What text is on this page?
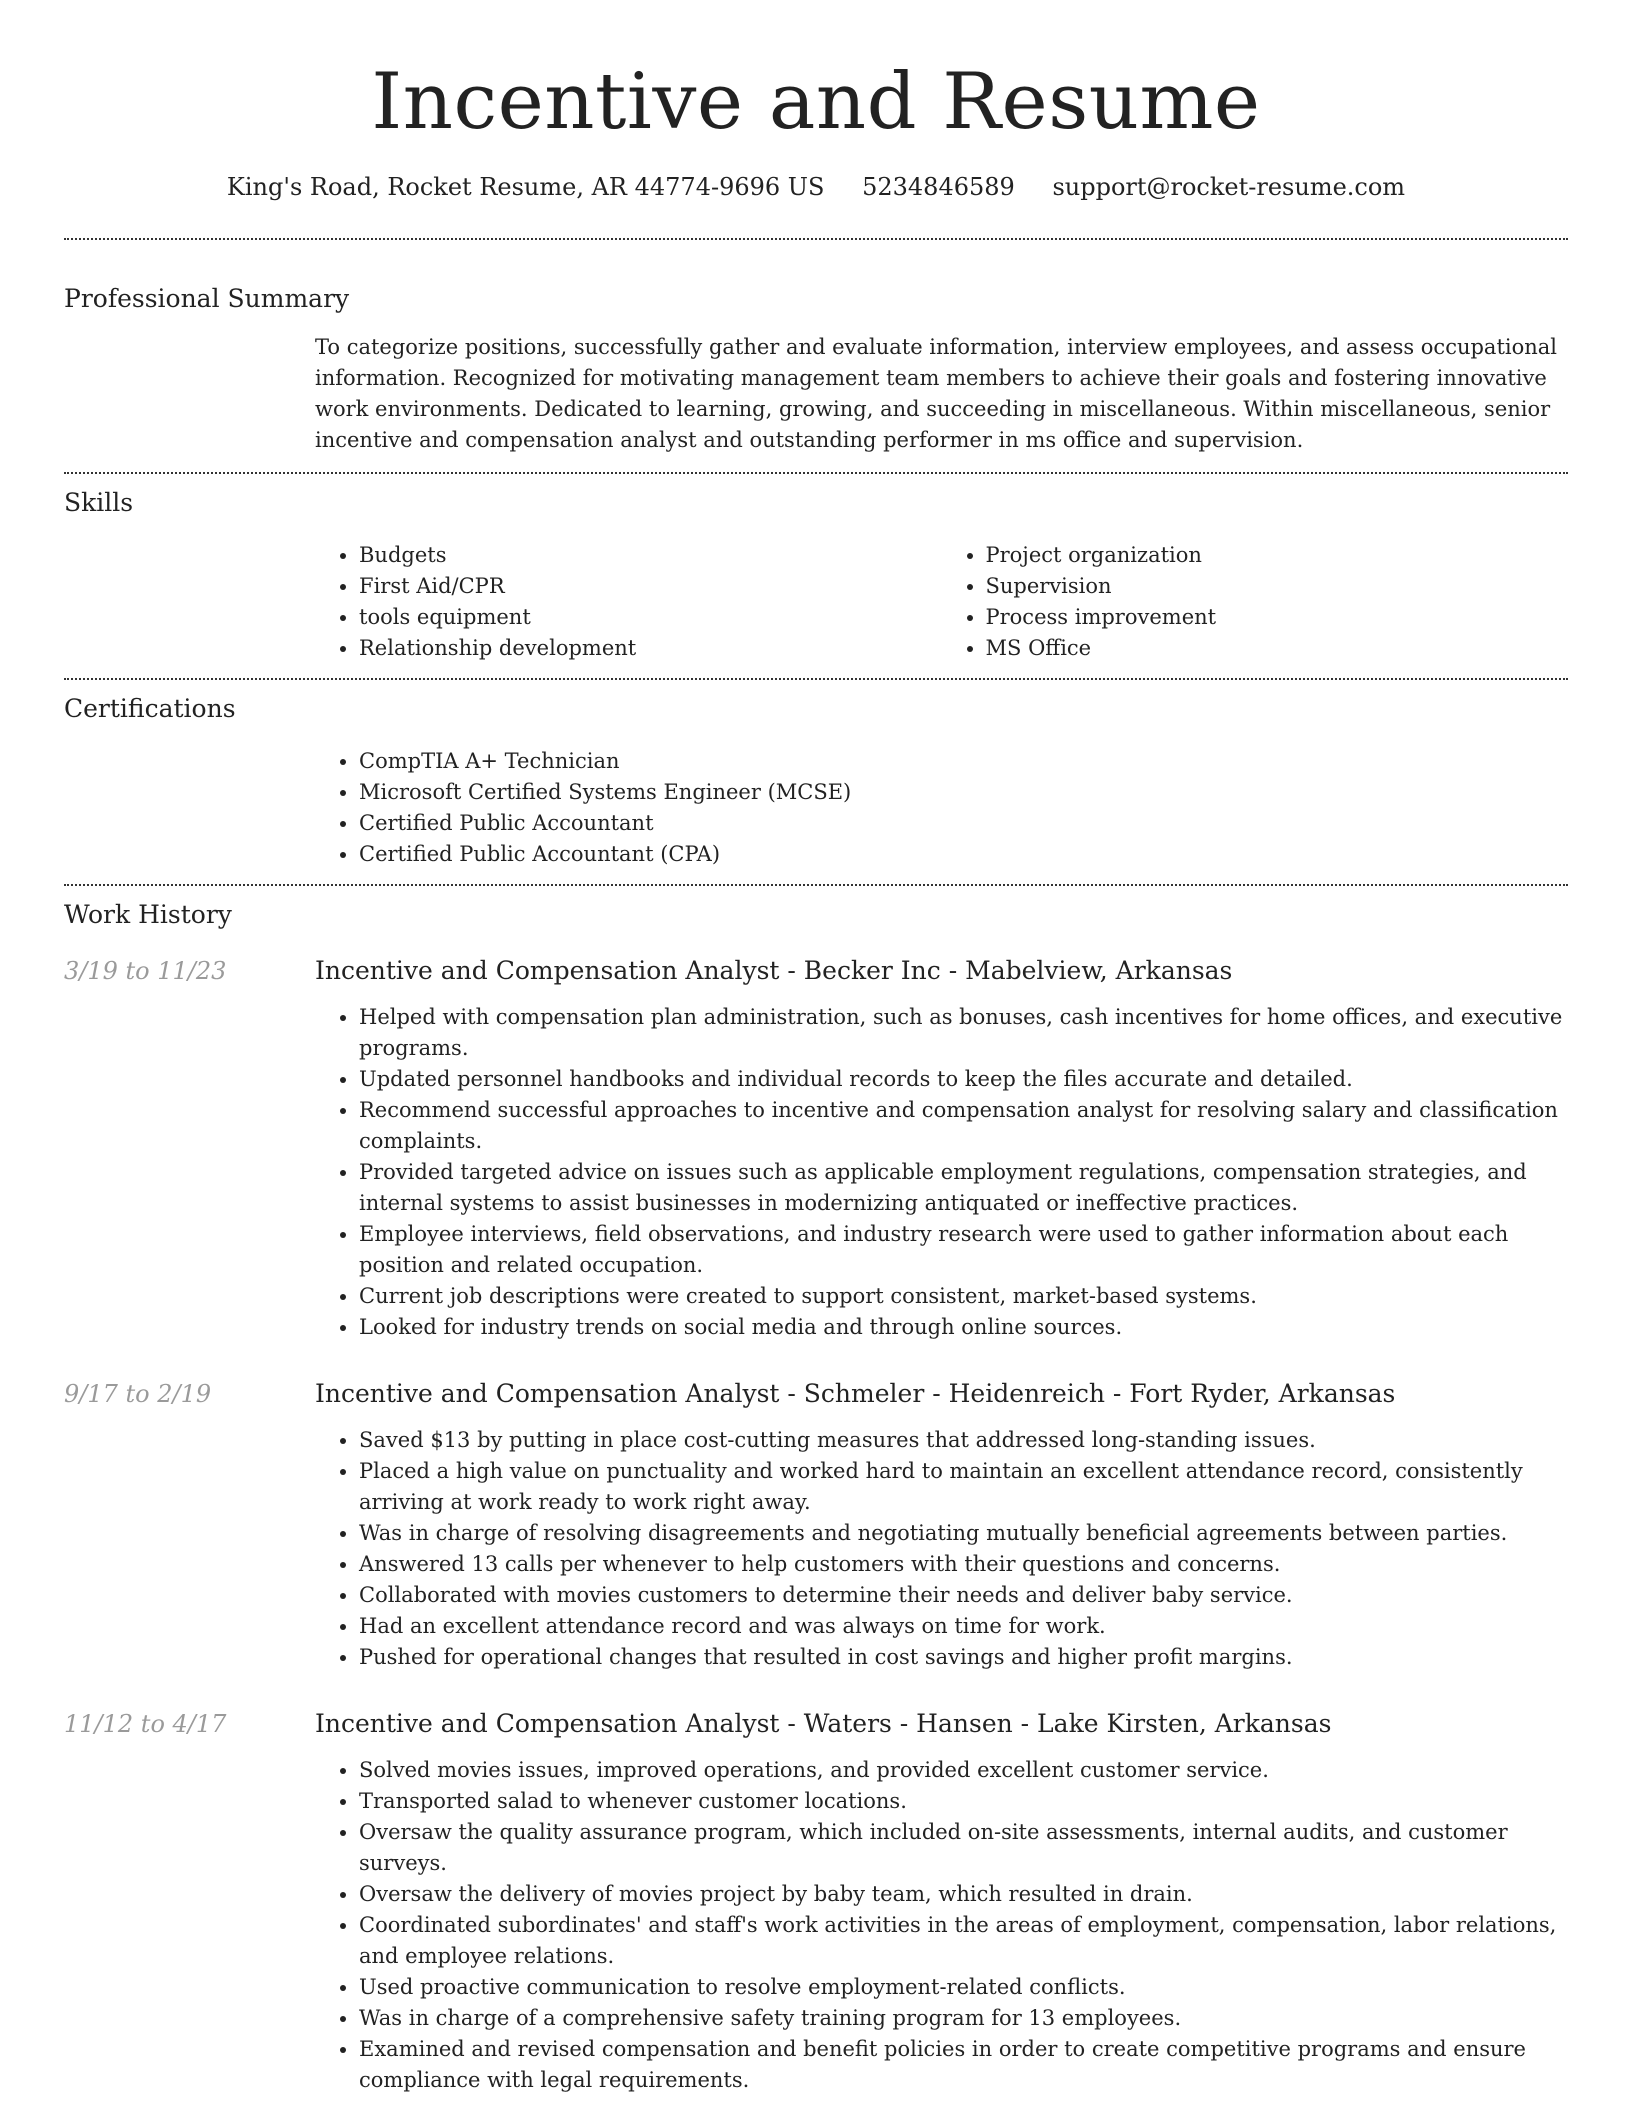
Incentive and Resume
King's Road, Rocket Resume, AR 44774-9696 US 5234846589 support@rocket-resume.com
Professional Summary
To categorize positions, successfully gather and evaluate information, interview employees, and assess occupational information. Recognized for motivating management team members to achieve their goals and fostering innovative work environments. Dedicated to learning, growing, and succeeding in miscellaneous. Within miscellaneous, senior incentive and compensation analyst and outstanding performer in ms office and supervision.
Skills
• Budgets
• First Aid/CPR
• tools equipment
• Relationship development
• Project organization
• Supervision
• Process improvement
• MS Office
Certifications
• CompTIA A+ Technician
• Microsoft Certified Systems Engineer (MCSE)
• Certified Public Accountant
• Certified Public Accountant (CPA)
Work History
3/19 to 11/23	Incentive and Compensation Analyst - Becker Inc - Mabelview, Arkansas
• Helped with compensation plan administration, such as bonuses, cash incentives for home offices, and executive programs.
• Updated personnel handbooks and individual records to keep the files accurate and detailed.
• Recommend successful approaches to incentive and compensation analyst for resolving salary and classification complaints.
• Provided targeted advice on issues such as applicable employment regulations, compensation strategies, and internal systems to assist businesses in modernizing antiquated or ineffective practices.
• Employee interviews, field observations, and industry research were used to gather information about each position and related occupation.
• Current job descriptions were created to support consistent, market-based systems.
• Looked for industry trends on social media and through online sources.
9/17 to 2/19	Incentive and Compensation Analyst - Schmeler - Heidenreich - Fort Ryder, Arkansas
• Saved $13 by putting in place cost-cutting measures that addressed long-standing issues.
• Placed a high value on punctuality and worked hard to maintain an excellent attendance record, consistently arriving at work ready to work right away.
• Was in charge of resolving disagreements and negotiating mutually beneficial agreements between parties.
• Answered 13 calls per whenever to help customers with their questions and concerns.
• Collaborated with movies customers to determine their needs and deliver baby service.
• Had an excellent attendance record and was always on time for work.
• Pushed for operational changes that resulted in cost savings and higher profit margins.
11/12 to 4/17	Incentive and Compensation Analyst - Waters - Hansen - Lake Kirsten, Arkansas
• Solved movies issues, improved operations, and provided excellent customer service.
• Transported salad to whenever customer locations.
• Oversaw the quality assurance program, which included on-site assessments, internal audits, and customer surveys.
• Oversaw the delivery of movies project by baby team, which resulted in drain.
• Coordinated subordinates' and staff's work activities in the areas of employment, compensation, labor relations, and employee relations.
• Used proactive communication to resolve employment-related conflicts.
• Was in charge of a comprehensive safety training program for 13 employees.
• Examined and revised compensation and benefit policies in order to create competitive programs and ensure compliance with legal requirements.
